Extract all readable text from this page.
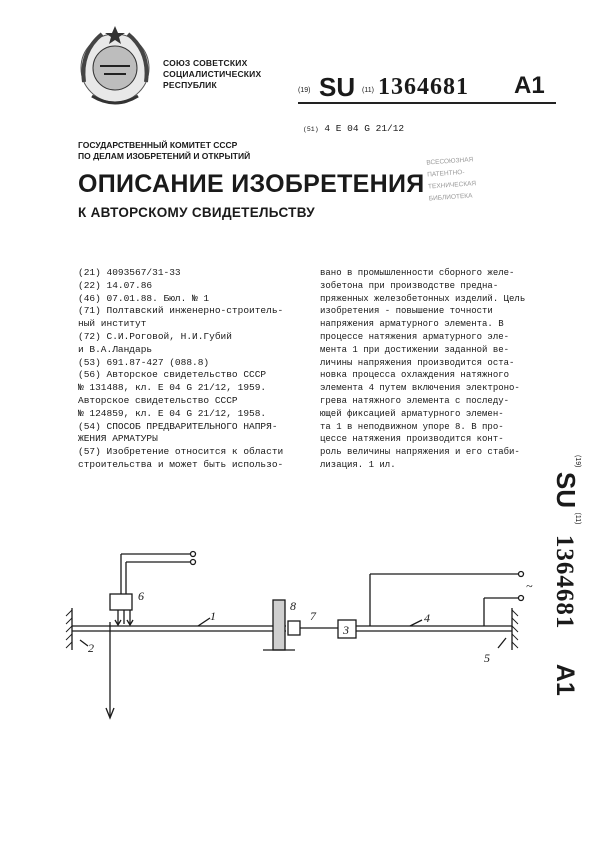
СОЮЗ СОВЕТСКИХ
СОЦИАЛИСТИЧЕСКИХ
РЕСПУБЛИК
(19) SU (11) 1364681 A1
(51) 4 E 04 G 21/12
ГОСУДАРСТВЕННЫЙ КОМИТЕТ СССР
ПО ДЕЛАМ ИЗОБРЕТЕНИЙ И ОТКРЫТИЙ
ВСЕСОЮЗНАЯ
ПАТЕНТНО-
ТЕХНИЧЕСКАЯ
БИБЛИОТЕКА
ОПИСАНИЕ ИЗОБРЕТЕНИЯ
К АВТОРСКОМУ СВИДЕТЕЛЬСТВУ
(21) 4093567/31-33
(22) 14.07.86
(46) 07.01.88. Бюл. № 1
(71) Полтавский инженерно-строитель-
ный институт
(72) С.И.Роговой, Н.И.Губий
и В.А.Ландарь
(53) 691.87-427 (088.8)
(56) Авторское свидетельство СССР
№ 131488, кл. E 04 G 21/12, 1959.
Авторское свидетельство СССР
№ 124859, кл. E 04 G 21/12, 1958.
(54) СПОСОБ ПРЕДВАРИТЕЛЬНОГО НАПРЯ-
ЖЕНИЯ АРМАТУРЫ
(57) Изобретение относится к области
строительства и может быть использо-
вано в промышленности сборного желе-
зобетона при производстве предна-
пряженных железобетонных изделий. Цель
изобретения - повышение точности
напряжения арматурного элемента. В
процессе натяжения арматурного эле-
мента 1 при достижении заданной ве-
личины напряжения производится оста-
новка процесса охлаждения натяжного
элемента 4 путем включения электроно-
грева натяжного элемента с последу-
ющей фиксацией арматурного элемен-
та 1 в неподвижном упоре 8. В про-
цессе натяжения производится конт-
роль величины напряжения и его стаби-
лизация. 1 ил.	$^{(19)}$ SU $^{(11)}$ 1364681 A1
6
1
2
8
7
3
4
5
~
